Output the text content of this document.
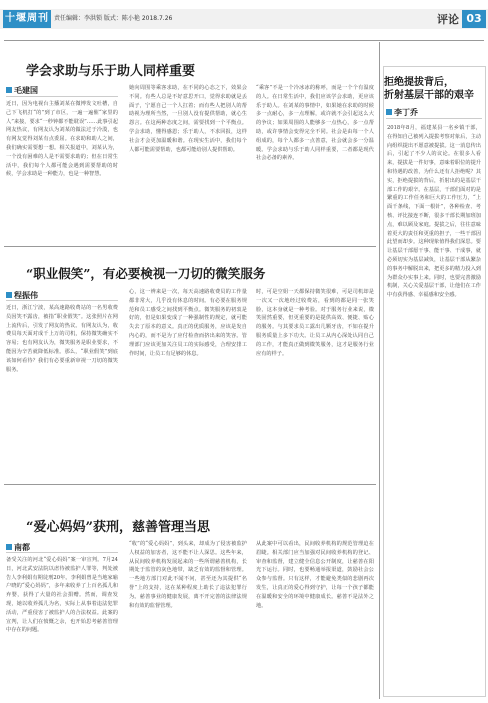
十堰周刊 责任编辑：李洪锁 版式：陈小艳 2018.7.26	评论 03
学会求助与乐于助人同样重要
毛建国
近日，因为电视台主播刘某在微博发文吐槽，自己下飞机打“的”到了市区，一遍一遍催“家里的人”来接，要求“一秒钟都不能耽误”……此事引起网友热议，有网友认为刘某的做法过于冷漠，也有网友觉得刘某有点委屈。在求助和助人之间，我们确实需要想一想。相关报道中，刘某认为，一个没有困难的人是不需要求助的；但在日常生活中，我们每个人都可能会遇到需要帮助的时候，学会求助是一种能力，也是一种智慧。
她向周围等乘客求助，在不同的心态之下，效果会不同。有些人总是不好意思开口，觉得求助就是丢面子，宁愿自己一个人扛着；而有些人把别人的帮助视为理所当然，一旦别人没有提供帮助，就心生怨言。在这两种态度之间，需要找到一个平衡点。学会求助，懂得感恩；乐于助人，不求回报，这样社会才会更加温暖和谐。在现实生活中，我们每个人都可能需要帮助，也都可能给别人提供帮助。
“乘客”不是一个冷冰冰的称呼，而是一个个有温度的人。在日常生活中，我们应该学会求助，更应该乐于助人。在刘某的事情中，如果她在求助的时候多一点耐心，多一点理解，或许就不会引起这么大的争议；如果周围的人能够多一点热心，多一点帮助，或许事情会变得完全不同。社会是由每一个人组成的，每个人都多一点善意，社会就会多一分温暖。学会求助与乐于助人同样重要，二者都是现代社会必备的素养。
“职业假笑”，有必要検视一刀切的微笑服务
程振伟
近日，浙江宁波，某高速路收费站的一名男收费员因笑不露齿，被指“职业假笑”。这张照片在网上流传后，引发了网友的热议。有网友认为，收费员每天面对成千上万的司机，保持微笑确实不容易；也有网友认为，微笑服务是职业要求，不能因为辛苦就降低标准。那么，“职业假笑”到底该如何看待？我们有必要重新审视一刀切的微笑服务。
心，这一辨来是一次，每天高速路收费员的工作量都非常大，几乎没有休息的时间。有必要在服务规范和员工感受之间找到平衡点。微笑服务的初衷是好的，但是如果变成了一种强制性的规定，就可能失去了原本的意义。真正的优质服务，应该是发自内心的，而不是为了应付检查而挤出来的笑容。管理部门应该更加关注员工的实际感受，合理安排工作时间，让员工有足够的休息。
时，可是空姐一天都保持微笑很难，可是司机却是一次又一次地经过收费站，看到的都是同一张笑脸，这本身就是一种考验。对于服务行业来说，微笑固然重要，但更重要的是提供高效、便捷、贴心的服务。与其要求员工露出几颗牙齿，不如在提升服务质量上多下功夫。让员工从内心深处认同自己的工作，才能真正做到微笑服务，这才是服务行业应有的样子。
“爱心妈妈”获刑，慈善管理当思
南都
备受关注的河北“爱心妈妈”案一审宣判。7月24日，河北武安法院以虐待被监护人罪等，判处被告人李利娟有期徒刑20年。李利娟曾是当地家喻户晓的“爱心妈妈”，多年来收养了上百名孤儿和弃婴，获得了大量的社会捐赠。然而，调查发现，她以收养孤儿为名，实际上从事着违法犯罪活动，严重侵害了被监护人的合法权益。此案的宣判，让人们在愤慨之余，也开始思考慈善管理中存在的问题。
“收”的“爱心妈妈”，到头来，却成为了侵害被监护人权益的加害者，这不能不让人深思。这些年来，从民间收养机构发展起来的一些所谓慈善机构，长期处于监管的灰色地带，缺乏有效的监督和管理。一些地方部门对此不闻不问，甚至还为其提供“名誉”上的支持，这在某种程度上助长了违法犯罪行为。慈善事业的健康发展，离不开完善的法律法规和有效的监督管理。
从此案中可以看出，民间收养机构的规范管理迫在眉睫。相关部门应当加强对民间收养机构的登记、审查和监督，建立健全信息公开制度，让慈善在阳光下运行。同时，也要畅通举报渠道，鼓励社会公众参与监督。只有这样，才能避免类似的悲剧再次发生，让真正的爱心得到守护，让每一个孩子都能在温暖和安全的环境中健康成长。慈善不是法外之地。
拒绝提拔背后，
折射基层干部的艰辛
李丁乔
2018年8月，福建某县一名乡镇干部，在得知自己被列入提拔考察对象后，主动向组织提出不愿意被提拔。这一消息传出后，引起了不少人的议论。在很多人看来，提拔是一件好事，意味着职位的提升和待遇的改善，为什么还有人拒绝呢？其实，拒绝提拔的背后，折射出的是基层干部工作的艰辛。在基层，干部们面对的是繁重的工作任务和巨大的工作压力，“上面千条线，下面一根针”，各种检查、考核、评比接连不断，很多干部长期加班加点，难以顾及家庭。提拔之后，往往意味着更大的责任和更重的担子，一些干部因此望而却步。这种现象值得我们深思。要让基层干部愿干事、能干事、干成事，就必须切实为基层减负，让基层干部从繁杂的事务中解脱出来，把更多的精力投入到为群众办实事上来。同时，也要完善激励机制，关心关爱基层干部，让他们在工作中有获得感、幸福感和安全感。
